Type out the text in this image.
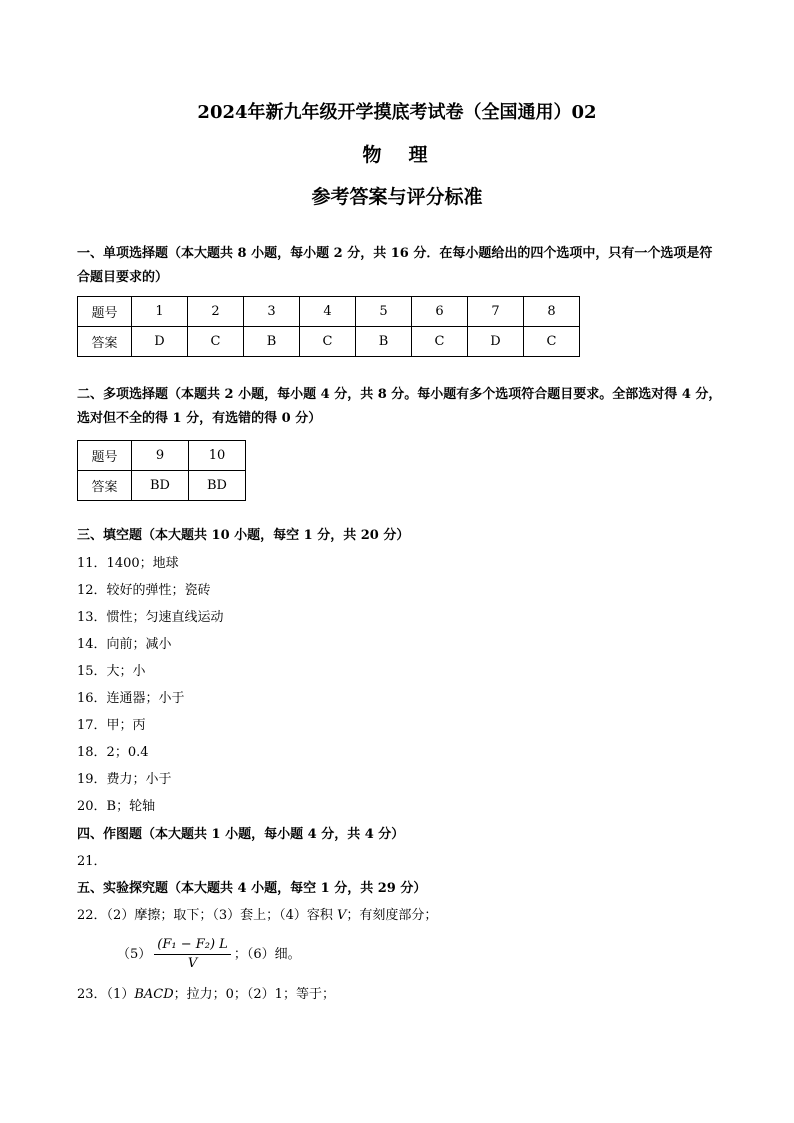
2024年新九年级开学摸底考试卷（全国通用）02
物　理
参考答案与评分标准
一、单项选择题（本大题共 8 小题，每小题 2 分，共 16 分．在每小题给出的四个选项中，只有一个选项是符
合题目要求的）
题号	1	2	3	4	5	6	7	8
答案	D	C	B	C	B	C	D	C
二、多项选择题（本题共 2 小题，每小题 4 分，共 8 分。每小题有多个选项符合题目要求。全部选对得 4 分，
选对但不全的得 1 分，有选错的得 0 分）
题号	9	10
答案	BD	BD
三、填空题（本大题共 10 小题，每空 1 分，共 20 分）
11．1400；地球
12．较好的弹性；瓷砖
13．惯性；匀速直线运动
14．向前；减小
15．大；小
16．连通器；小于
17．甲；丙
18．2；0.4
19．费力；小于
20．B；轮轴
四、作图题（本大题共 1 小题，每小题 4 分，共 4 分）
21．
五、实验探究题（本大题共 4 小题，每空 1 分，共 29 分）
22．（2）摩擦；取下；（3）套上；（4）容积 V；有刻度部分；
$(5) \frac{\text{(F₁ − F₂) L}}{V}$ ；（6）细。
23．（1）BACD；拉力；0；（2）1；等于；
